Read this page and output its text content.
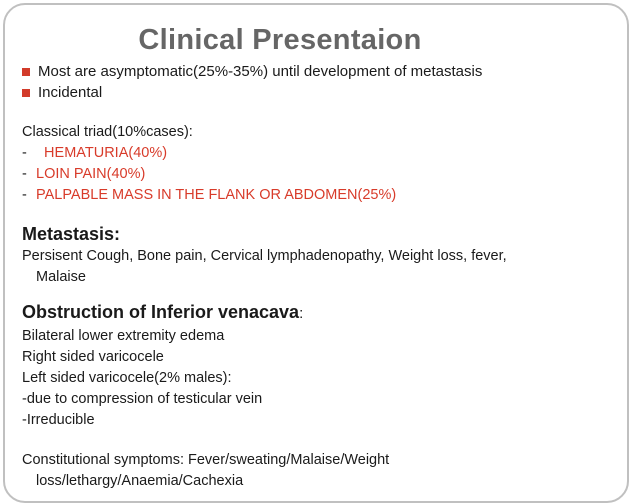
Clinical Presentaion
Most are asymptomatic(25%-35%) until development of metastasis
Incidental
Classical triad(10%cases):
-  HEMATURIA(40%)
- LOIN PAIN(40%)
- PALPABLE MASS IN THE FLANK OR ABDOMEN(25%)
Metastasis:
Persisent Cough, Bone pain, Cervical lymphadenopathy, Weight loss, fever,
Malaise
Obstruction of Inferior venacava:
Bilateral lower extremity edema
Right sided varicocele
Left sided varicocele(2% males):
-due to compression of testicular vein
-Irreducible
Constitutional symptoms: Fever/sweating/Malaise/Weight
loss/lethargy/Anaemia/Cachexia
